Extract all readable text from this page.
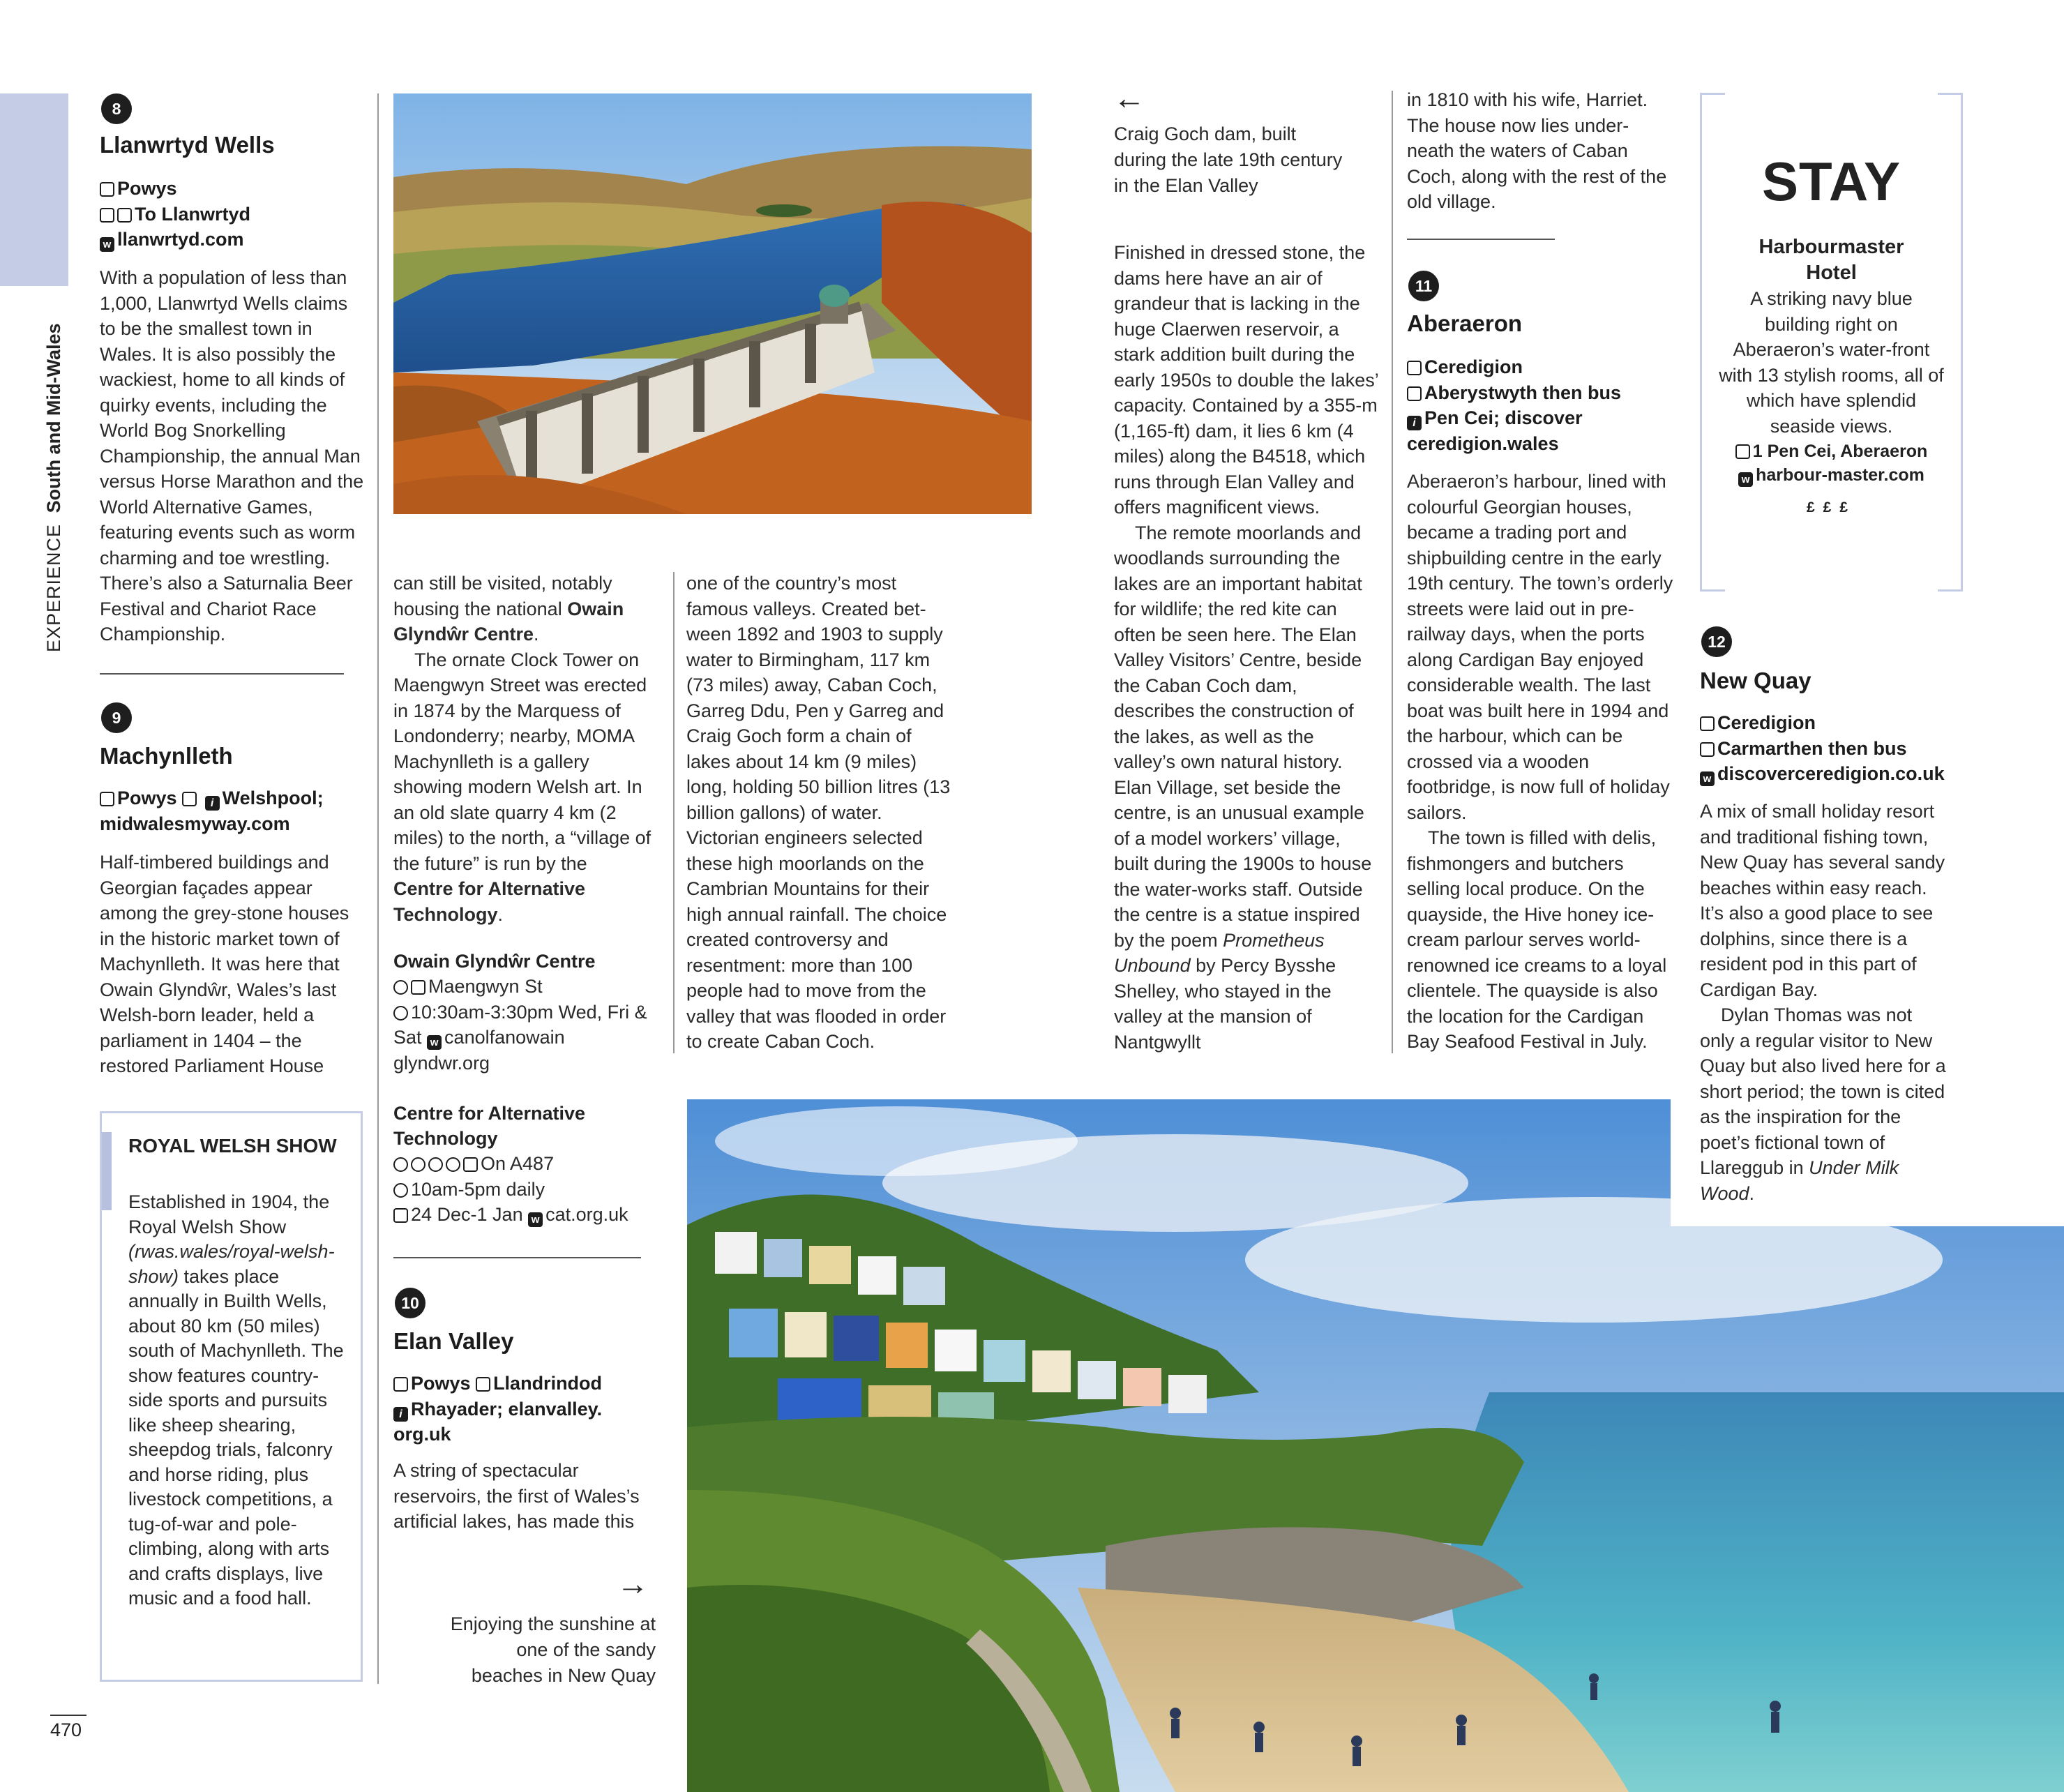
EXPERIENCE South and Mid-Wales
470
8
Llanwrtyd Wells
Powys
To Llanwrtyd
w llanwrtyd.com
With a population of less than 1,000, Llanwrtyd Wells claims to be the smallest town in Wales. It is also possibly the wackiest, home to all kinds of quirky events, including the World Bog Snorkelling Championship, the annual Man versus Horse Marathon and the World Alternative Games, featuring events such as worm charming and toe wrestling. There’s also a Saturnalia Beer Festival and Chariot Race Championship.
9
Machynlleth
Powys	i Welshpool;
midwalesmyway.com
Half-timbered buildings and Georgian façades appear among the grey-stone houses in the historic market town of Machynlleth. It was here that Owain Glyndŵr, Wales’s last Welsh-born leader, held a parliament in 1404 – the restored Parliament House
ROYAL WELSH SHOW
Established in 1904, the Royal Welsh Show (rwas.wales/royal-welsh-show) takes place annually in Builth Wells, about 80 km (50 miles) south of Machynlleth. The show features country-side sports and pursuits like sheep shearing, sheepdog trials, falconry and horse riding, plus livestock competitions, a tug-of-war and pole-climbing, along with arts and crafts displays, live music and a food hall.

can still be visited, notably housing the national Owain Glyndŵr Centre.

The ornate Clock Tower on Maengwyn Street was erected in 1874 by the Marquess of Londonderry; nearby, MOMA Machynlleth is a gallery showing modern Welsh art. In an old slate quarry 4 km (2 miles) to the north, a “village of the future” is run by the Centre for Alternative Technology.

Owain Glyndŵr Centre
Maengwyn St
10:30am-3:30pm Wed, Fri & Sat w canolfanowain glyndwr.org
Centre for Alternative Technology
On A487
10am-5pm daily
24 Dec-1 Jan w cat.org.uk
10
Elan Valley
Powys Llandrindod
i Rhayader; elanvalley.
org.uk
A string of spectacular reservoirs, the first of Wales’s artificial lakes, has made this
one of the country’s most famous valleys. Created bet-ween 1892 and 1903 to supply water to Birmingham, 117 km (73 miles) away, Caban Coch, Garreg Ddu, Pen y Garreg and Craig Goch form a chain of lakes about 14 km (9 miles) long, holding 50 billion litres (13 billion gallons) of water. Victorian engineers selected these high moorlands on the Cambrian Mountains for their high annual rainfall. The choice created controversy and resentment: more than 100 people had to move from the valley that was flooded in order to create Caban Coch.
→
Enjoying the sunshine at one of the sandy beaches in New Quay
←
Craig Goch dam, built during the late 19th century in the Elan Valley

Finished in dressed stone, the dams here have an air of grandeur that is lacking in the huge Claerwen reservoir, a stark addition built during the early 1950s to double the lakes’ capacity. Contained by a 355-m (1,165-ft) dam, it lies 6 km (4 miles) along the B4518, which runs through Elan Valley and offers magnificent views.

The remote moorlands and woodlands surrounding the lakes are an important habitat for wildlife; the red kite can often be seen here. The Elan Valley Visitors’ Centre, beside the Caban Coch dam, describes the construction of the lakes, as well as the valley’s own natural history. Elan Village, set beside the centre, is an unusual example of a model workers’ village, built during the 1900s to house the water-works staff. Outside the centre is a statue inspired by the poem Prometheus Unbound by Percy Bysshe Shelley, who stayed in the valley at the mansion of Nantgwyllt

in 1810 with his wife, Harriet. The house now lies under-neath the waters of Caban Coch, along with the rest of the old village.
11
Aberaeron
Ceredigion
Aberystwyth then bus
i Pen Cei; discover
ceredigion.wales

Aberaeron’s harbour, lined with colourful Georgian houses, became a trading port and shipbuilding centre in the early 19th century. The town’s orderly streets were laid out in pre-railway days, when the ports along Cardigan Bay enjoyed considerable wealth. The last boat was built here in 1994 and the harbour, which can be crossed via a wooden footbridge, is now full of holiday sailors.

The town is filled with delis, fishmongers and butchers selling local produce. On the quayside, the Hive honey ice-cream parlour serves world-renowned ice creams to a loyal clientele. The quayside is also the location for the Cardigan Bay Seafood Festival in July.

STAY
Harbourmaster Hotel
A striking navy blue building right on Aberaeron’s water-front with 13 stylish rooms, all of which have splendid seaside views.
1 Pen Cei, Aberaeron
w harbour-master.com
£££
12
New Quay
Ceredigion
Carmarthen then bus
w discoverceredigion.co.uk

A mix of small holiday resort and traditional fishing town, New Quay has several sandy beaches within easy reach. It’s also a good place to see dolphins, since there is a resident pod in this part of Cardigan Bay.

Dylan Thomas was not only a regular visitor to New Quay but also lived here for a short period; the town is cited as the inspiration for the poet’s fictional town of Llareggub in Under Milk Wood.
